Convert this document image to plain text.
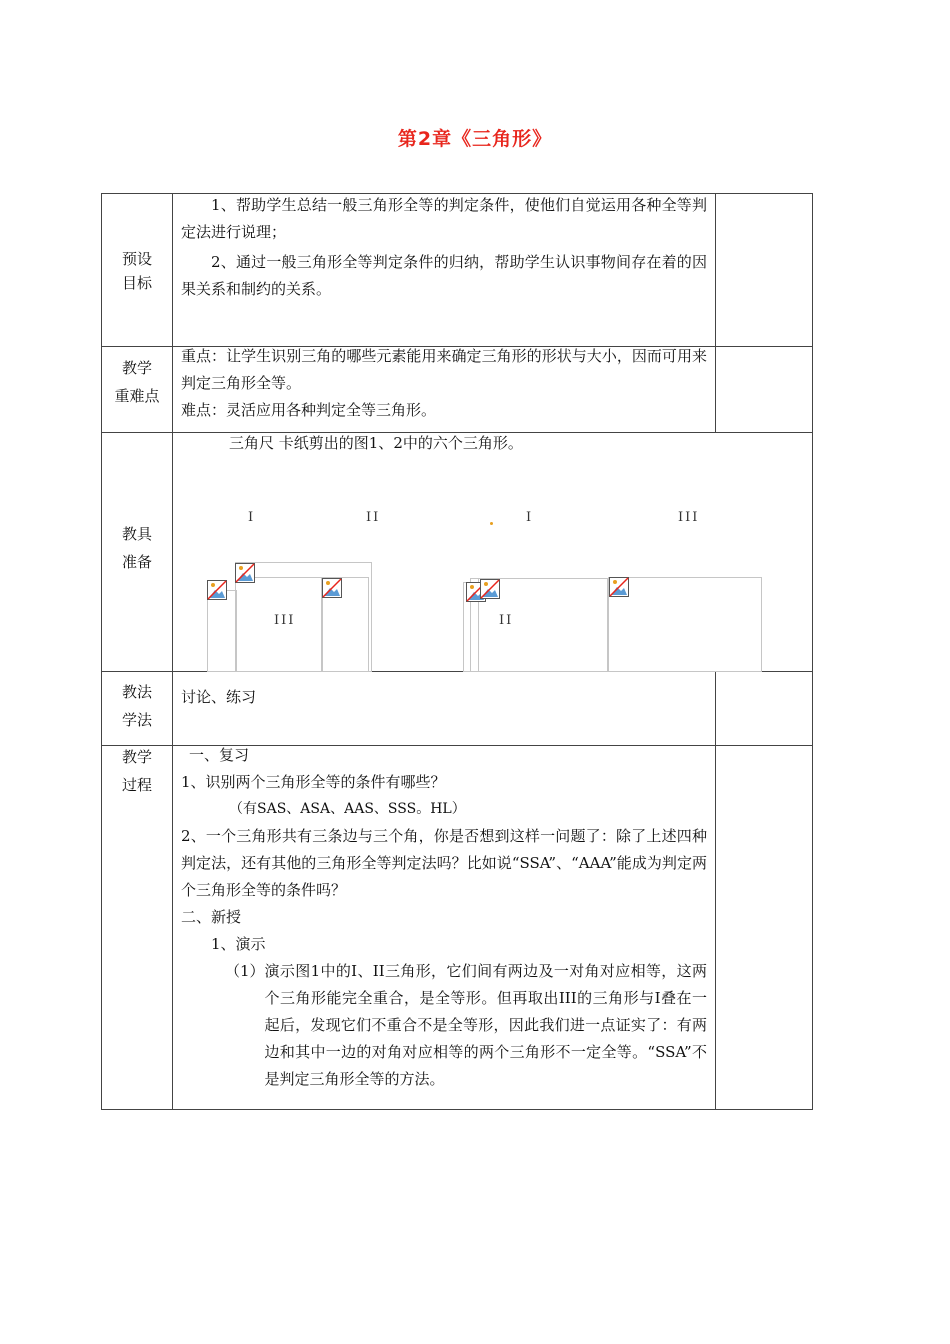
第2章《三角形》
预设
目标

1、帮助学生总结一般三角形全等的判定条件，使他们自觉运用各种全等判定法进行说理；

2、通过一般三角形全等判定条件的归纳，帮助学生认识事物间存在着的因果关系和制约的关系。

教学
重难点

重点：让学生识别三角的哪些元素能用来确定三角形的形状与大小，因而可用来判定三角形全等。

难点：灵活应用各种判定全等三角形。

教具
准备

三角尺 卡纸剪出的图1、2中的六个三角形。

I	II	I	III
III	II
教法
学法

讨论、练习

教学
过程

一、复习

1、识别两个三角形全等的条件有哪些？

（有SAS、ASA、AAS、SSS。HL）

2、一个三角形共有三条边与三个角，你是否想到这样一问题了：除了上述四种判定法，还有其他的三角形全等判定法吗？比如说“SSA”、“AAA”能成为判定两个三角形全等的条件吗？

二、新授

1、演示

（1） 演示图1中的I、II三角形，它们间有两边及一对角对应相等，这两个三角形能完全重合，是全等形。但再取出III的三角形与I叠在一起后，发现它们不重合不是全等形，因此我们进一点证实了：有两边和其中一边的对角对应相等的两个三角形不一定全等。“SSA”不是判定三角形全等的方法。
